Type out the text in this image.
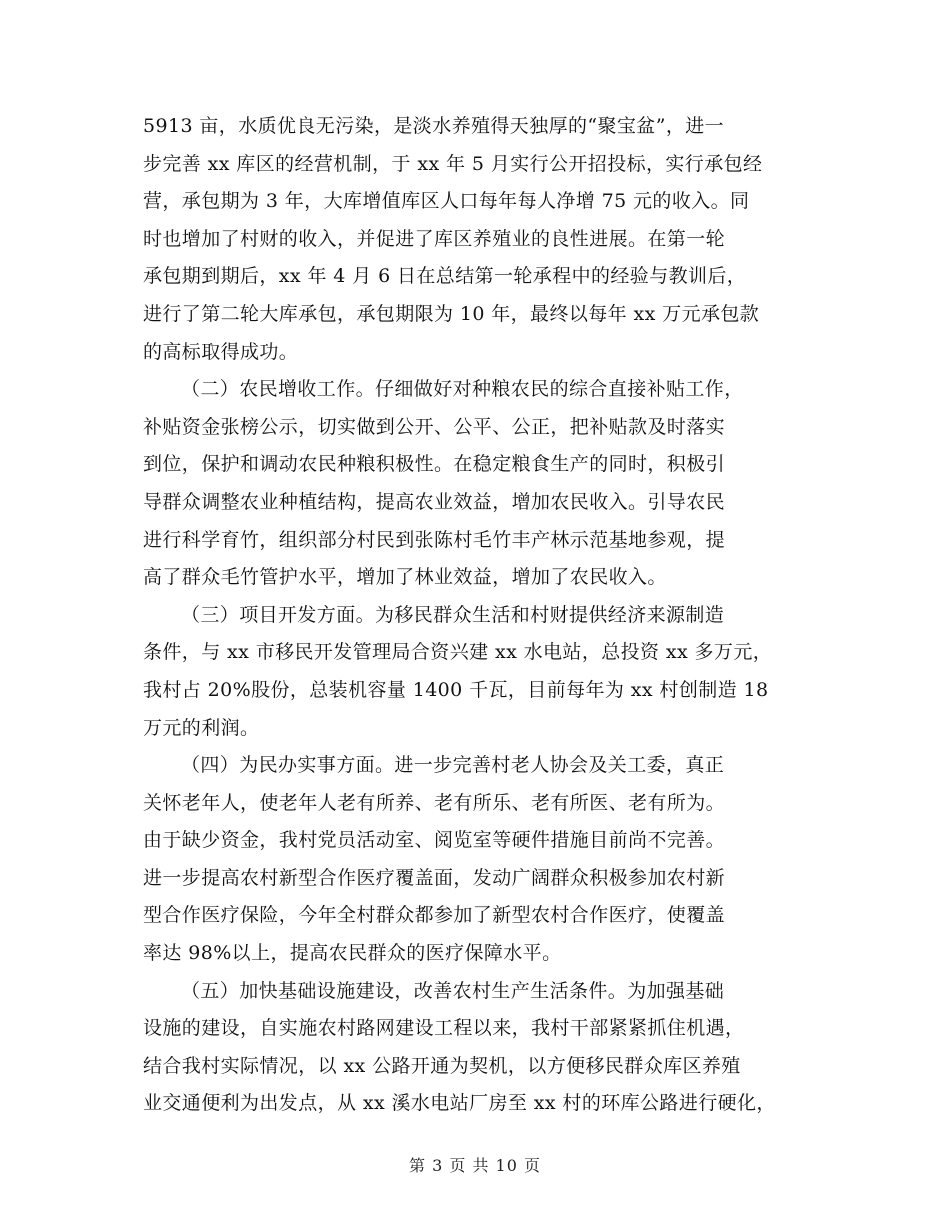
5913 亩，水质优良无污染，是淡水养殖得天独厚的“聚宝盆”，进一
步完善 xx 库区的经营机制，于 xx 年 5 月实行公开招投标，实行承包经
营，承包期为 3 年，大库增值库区人口每年每人净增 75 元的收入。同
时也增加了村财的收入，并促进了库区养殖业的良性进展。在第一轮
承包期到期后，xx 年 4 月 6 日在总结第一轮承程中的经验与教训后，
进行了第二轮大库承包，承包期限为 10 年，最终以每年 xx 万元承包款
的高标取得成功。
（二）农民增收工作。仔细做好对种粮农民的综合直接补贴工作，
补贴资金张榜公示，切实做到公开、公平、公正，把补贴款及时落实
到位，保护和调动农民种粮积极性。在稳定粮食生产的同时，积极引
导群众调整农业种植结构，提高农业效益，增加农民收入。引导农民
进行科学育竹，组织部分村民到张陈村毛竹丰产林示范基地参观，提
高了群众毛竹管护水平，增加了林业效益，增加了农民收入。
（三）项目开发方面。为移民群众生活和村财提供经济来源制造
条件，与 xx 市移民开发管理局合资兴建 xx 水电站，总投资 xx 多万元，
我村占 20%股份，总装机容量 1400 千瓦，目前每年为 xx 村创制造 18
万元的利润。
（四）为民办实事方面。进一步完善村老人协会及关工委，真正
关怀老年人，使老年人老有所养、老有所乐、老有所医、老有所为。
由于缺少资金，我村党员活动室、阅览室等硬件措施目前尚不完善。
进一步提高农村新型合作医疗覆盖面，发动广阔群众积极参加农村新
型合作医疗保险，今年全村群众都参加了新型农村合作医疗，使覆盖
率达 98%以上，提高农民群众的医疗保障水平。
（五）加快基础设施建设，改善农村生产生活条件。为加强基础
设施的建设，自实施农村路网建设工程以来，我村干部紧紧抓住机遇，
结合我村实际情况，以 xx 公路开通为契机，以方便移民群众库区养殖
业交通便利为出发点，从 xx 溪水电站厂房至 xx 村的环库公路进行硬化，
第 3 页 共 10 页
